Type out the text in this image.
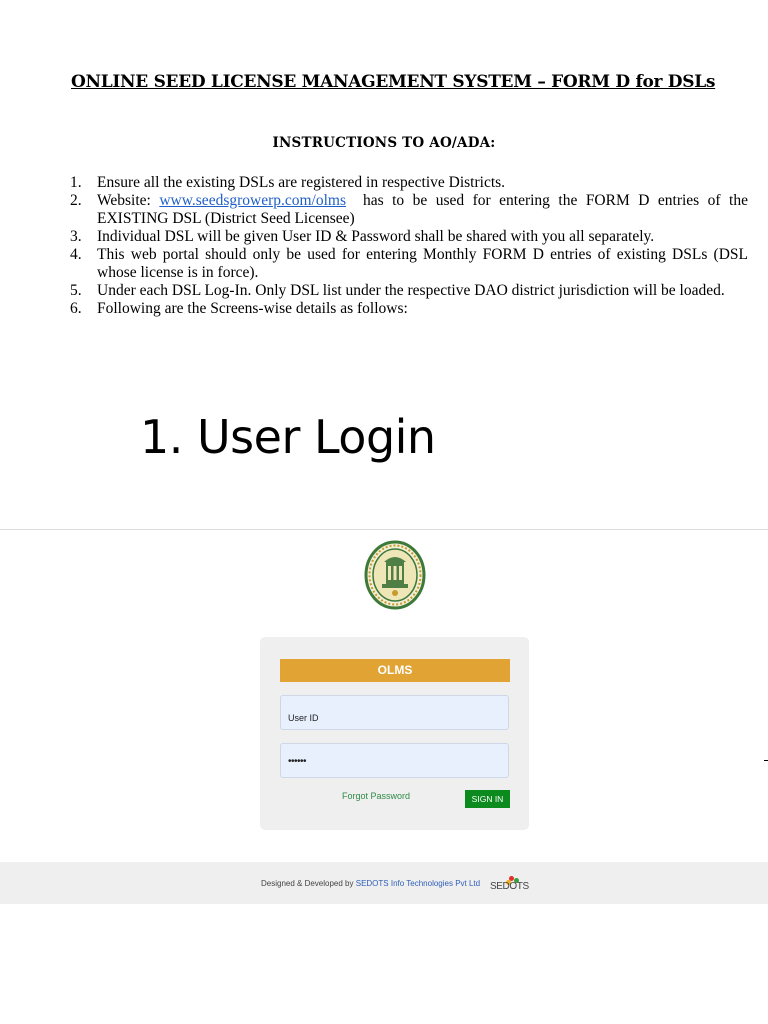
ONLINE SEED LICENSE MANAGEMENT SYSTEM – FORM D for DSLs
INSTRUCTIONS TO AO/ADA:
1. Ensure all the existing DSLs are registered in respective Districts.
2. Website: www.seedsgrowerp.com/olms  has to be used for entering the FORM D entries of the EXISTING DSL (District Seed Licensee)
3. Individual DSL will be given User ID & Password shall be shared with you all separately.
4. This web portal should only be used for entering Monthly FORM D entries of existing DSLs (DSL whose license is in force).
5. Under each DSL Log-In. Only DSL list under the respective DAO district jurisdiction will be loaded.
6. Following are the Screens-wise details as follows:
1. User Login
OLMS
User ID
••••••
Forgot Password	SIGN IN
Designed & Developed by SEDOTS Info Technologies Pvt Ltd SEDOTS
